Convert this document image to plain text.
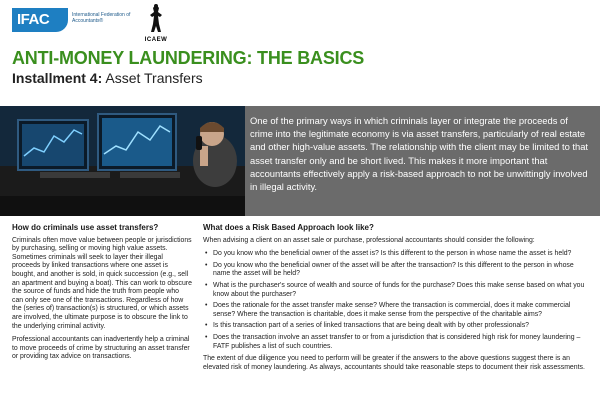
IFAC	International Federation of Accountants®
ICAEW
ANTI-MONEY LAUNDERING: THE BASICS
Installment 4: Asset Transfers
One of the primary ways in which criminals layer or integrate the proceeds of crime into the legitimate economy is via asset transfers, particularly of real estate and other high-value assets. The relationship with the client may be limited to that asset transfer only and be short lived. This makes it more important that accountants effectively apply a risk-based approach to not be unwittingly involved in illegal activity.
How do criminals use asset transfers?

Criminals often move value between people or jurisdictions by purchasing, selling or moving high value assets. Sometimes criminals will seek to layer their illegal proceeds by linked transactions where one asset is bought, and another is sold, in quick succession (e.g., sell an apartment and buying a boat). This can work to obscure the source of funds and hide the truth from people who can only see one of the transactions. Regardless of how the (series of) transaction(s) is structured, or which assets are involved, the ultimate purpose is to obscure the link to the underlying criminal activity.

Professional accountants can inadvertently help a criminal to move proceeds of crime by structuring an asset transfer or providing tax advice on transactions.

What does a Risk Based Approach look like?

When advising a client on an asset sale or purchase, professional accountants should consider the following:

• Do you know who the beneficial owner of the asset is? Is this different to the person in whose name the asset is held?
• Do you know who the beneficial owner of the asset will be after the transaction? Is this different to the person in whose name the asset will be held?
• What is the purchaser's source of wealth and source of funds for the purchase? Does this make sense based on what you know about the purchaser?
• Does the rationale for the asset transfer make sense? Where the transaction is commercial, does it make commercial sense? Where the transaction is charitable, does it make sense from the perspective of the charitable aims?
• Is this transaction part of a series of linked transactions that are being dealt with by other professionals?
• Does the transaction involve an asset transfer to or from a jurisdiction that is considered high risk for money laundering – FATF publishes a list of such countries.

The extent of due diligence you need to perform will be greater if the answers to the above questions suggest there is an elevated risk of money laundering. As always, accountants should take reasonable steps to document their risk assessments.
